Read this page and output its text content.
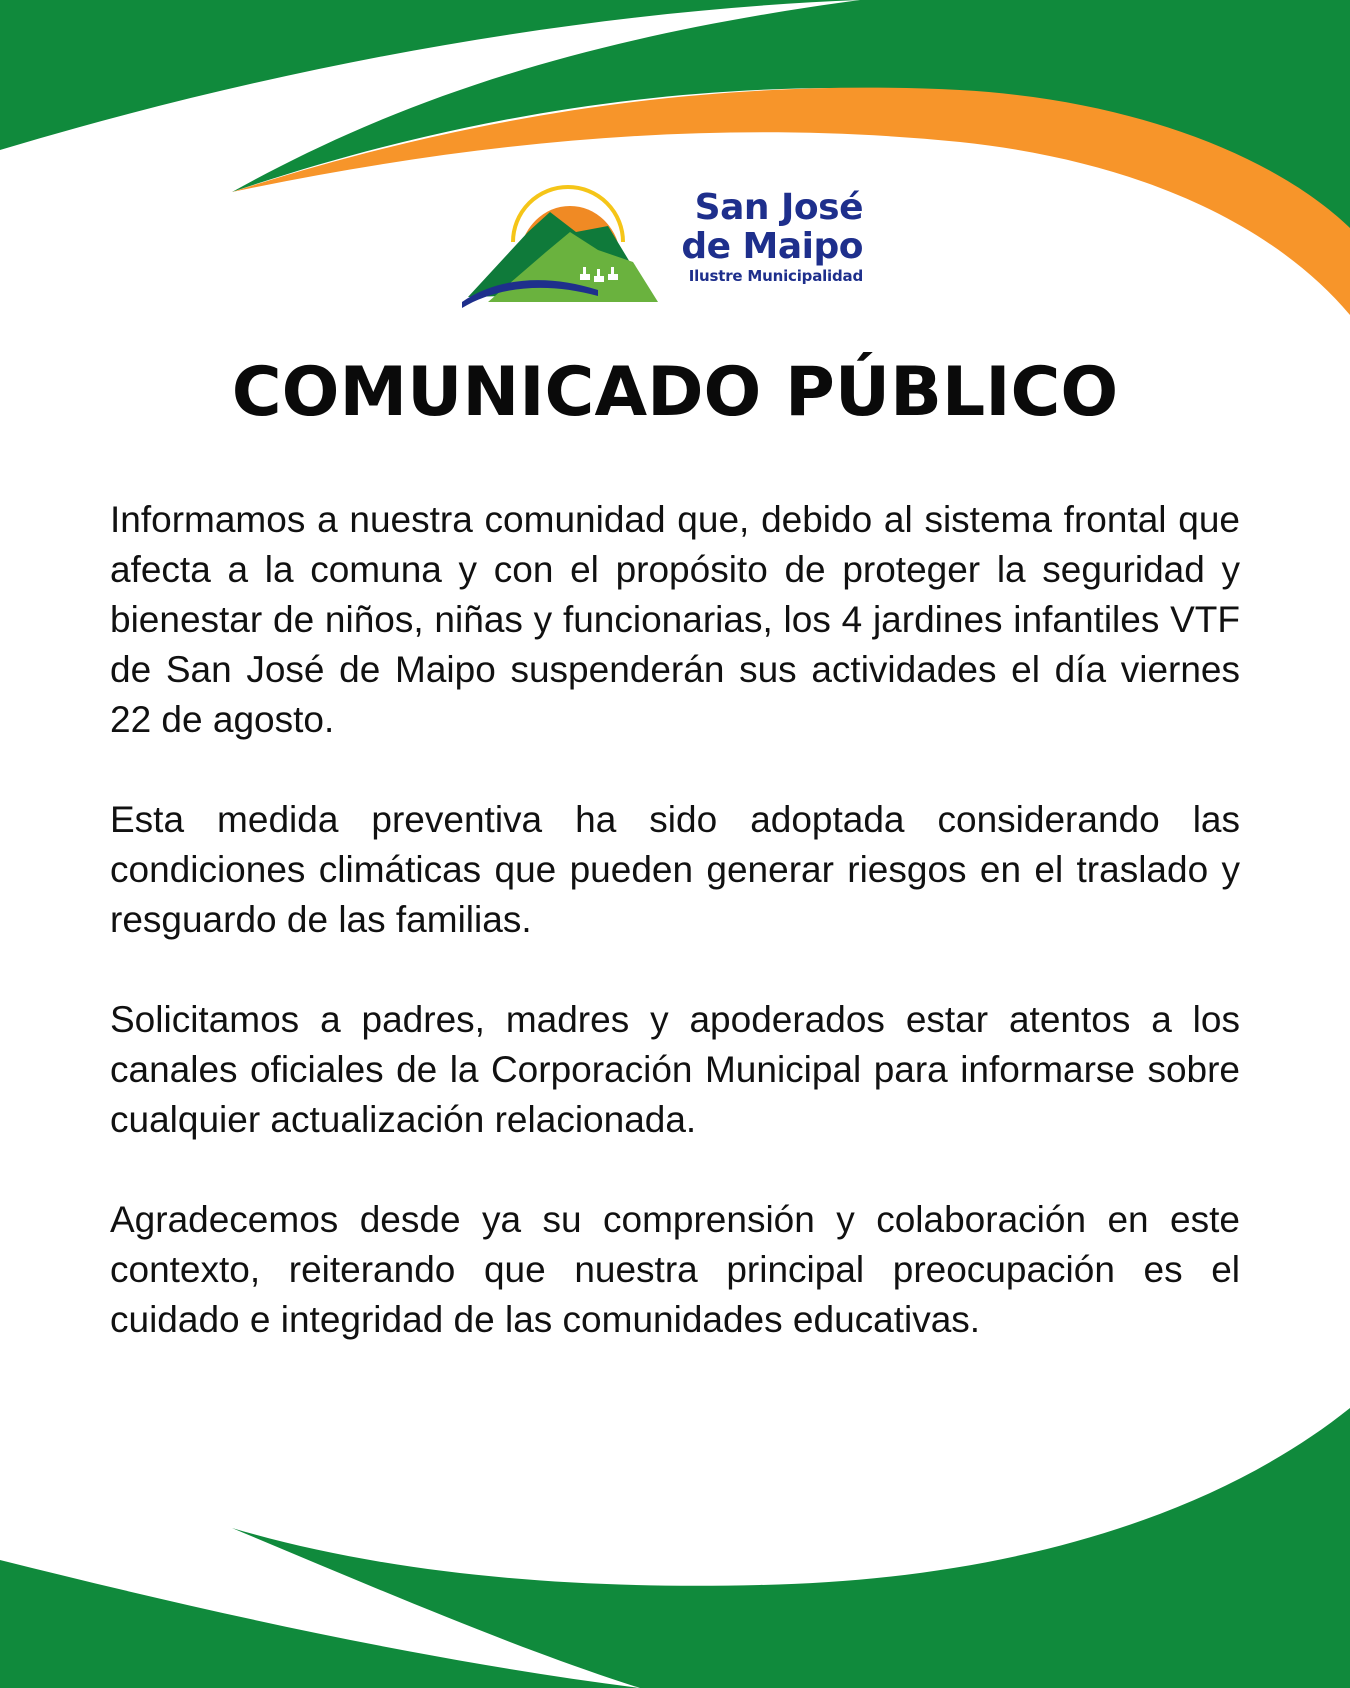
✦	San José
de Maipo
Ilustre Municipalidad
COMUNICADO PÚBLICO

Informamos a nuestra comunidad que, debido al sistema frontal que afecta a la comuna y con el propósito de proteger la seguridad y bienestar de niños, niñas y funcionarias, los 4 jardines infantiles VTF de San José de Maipo suspenderán sus actividades el día viernes 22 de agosto.

Esta medida preventiva ha sido adoptada considerando las condiciones climáticas que pueden generar riesgos en el traslado y resguardo de las familias.

Solicitamos a padres, madres y apoderados estar atentos a los canales oficiales de la Corporación Municipal para informarse sobre cualquier actualización relacionada.

Agradecemos desde ya su comprensión y colaboración en este contexto, reiterando que nuestra principal preocupación es el cuidado e integridad de las comunidades educativas.
